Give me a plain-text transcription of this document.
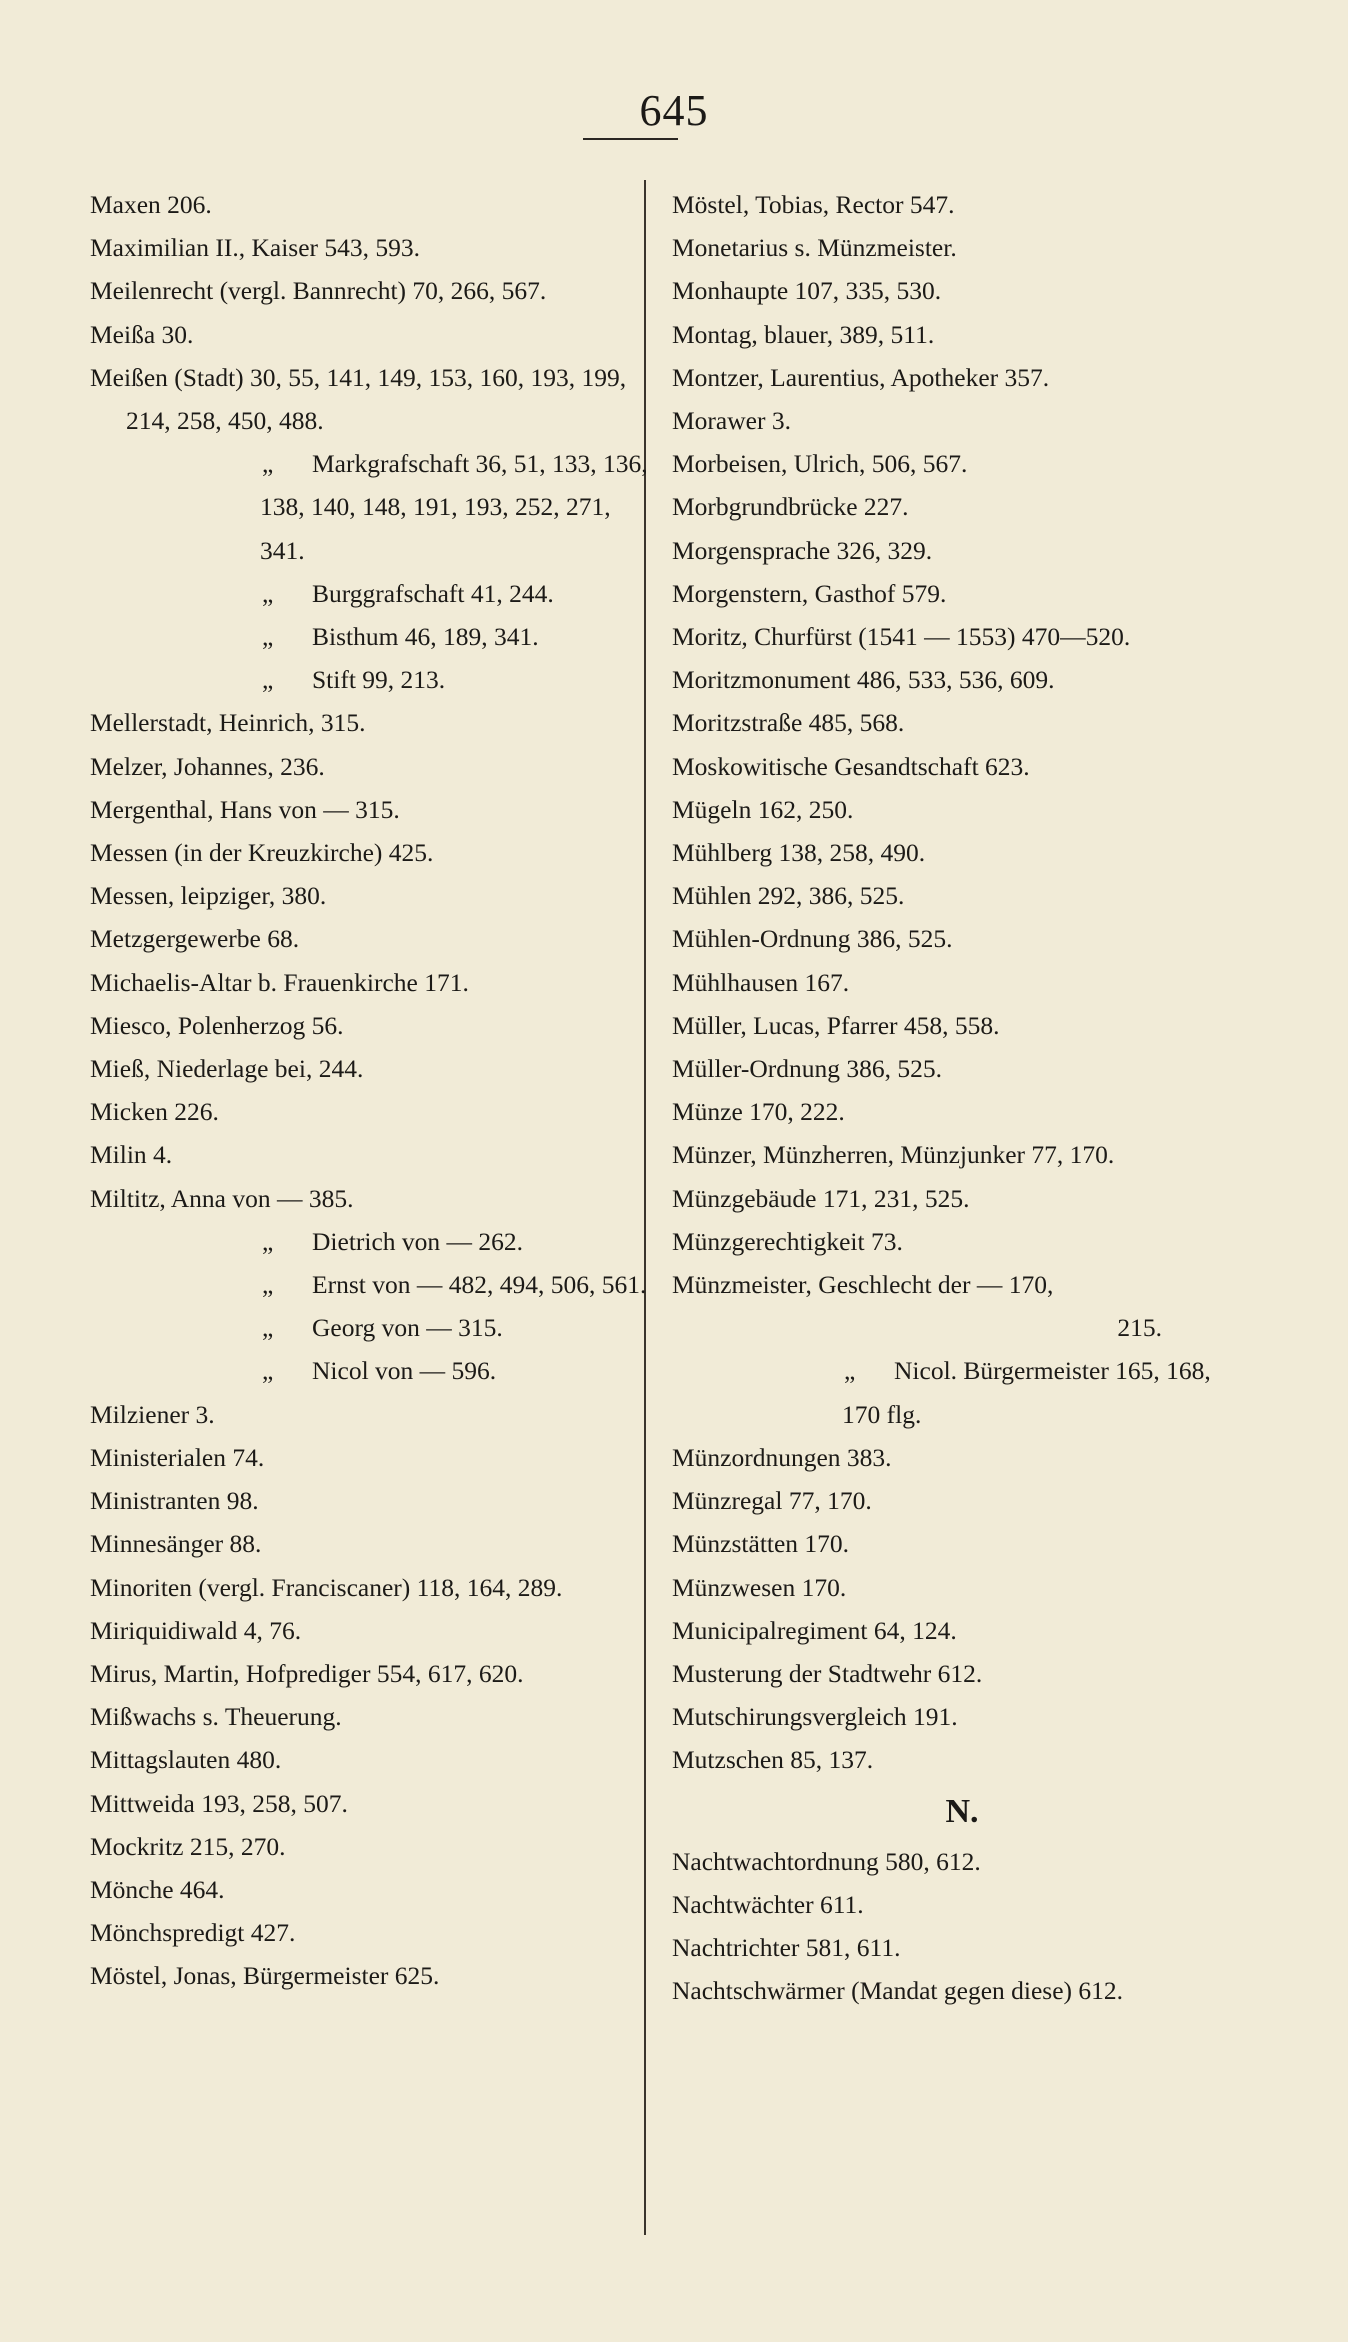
645
Maxen 206.
Maximilian II., Kaiser 543, 593.
Meilenrecht (vergl. Bannrecht) 70, 266, 567.
Meißa 30.
Meißen (Stadt) 30, 55, 141, 149, 153, 160, 193, 199, 214, 258, 450, 488.
„ Markgrafschaft 36, 51, 133, 136, 138, 140, 148, 191, 193, 252, 271, 341.
„ Burggrafschaft 41, 244.
„ Bisthum 46, 189, 341.
„ Stift 99, 213.
Mellerstadt, Heinrich, 315.
Melzer, Johannes, 236.
Mergenthal, Hans von — 315.
Messen (in der Kreuzkirche) 425.
Messen, leipziger, 380.
Metzgergewerbe 68.
Michaelis-Altar b. Frauenkirche 171.
Miesco, Polenherzog 56.
Mieß, Niederlage bei, 244.
Micken 226.
Milin 4.
Miltitz, Anna von — 385.
„ Dietrich von — 262.
„ Ernst von — 482, 494, 506, 561.
„ Georg von — 315.
„ Nicol von — 596.
Milziener 3.
Ministerialen 74.
Ministranten 98.
Minnesänger 88.
Minoriten (vergl. Franciscaner) 118, 164, 289.
Miriquidiwald 4, 76.
Mirus, Martin, Hofprediger 554, 617, 620.
Mißwachs s. Theuerung.
Mittagslauten 480.
Mittweida 193, 258, 507.
Mockritz 215, 270.
Mönche 464.
Mönchspredigt 427.
Möstel, Jonas, Bürgermeister 625.
Möstel, Tobias, Rector 547.
Monetarius s. Münzmeister.
Monhaupte 107, 335, 530.
Montag, blauer, 389, 511.
Montzer, Laurentius, Apotheker 357.
Morawer 3.
Morbeisen, Ulrich, 506, 567.
Morbgrundbrücke 227.
Morgensprache 326, 329.
Morgenstern, Gasthof 579.
Moritz, Churfürst (1541 — 1553) 470—520.
Moritzmonument 486, 533, 536, 609.
Moritzstraße 485, 568.
Moskowitische Gesandtschaft 623.
Mügeln 162, 250.
Mühlberg 138, 258, 490.
Mühlen 292, 386, 525.
Mühlen-Ordnung 386, 525.
Mühlhausen 167.
Müller, Lucas, Pfarrer 458, 558.
Müller-Ordnung 386, 525.
Münze 170, 222.
Münzer, Münzherren, Münzjunker 77, 170.
Münzgebäude 171, 231, 525.
Münzgerechtigkeit 73.
Münzmeister, Geschlecht der — 170,
215.
„ Nicol. Bürgermeister 165, 168, 170 flg.
Münzordnungen 383.
Münzregal 77, 170.
Münzstätten 170.
Münzwesen 170.
Municipalregiment 64, 124.
Musterung der Stadtwehr 612.
Mutschirungsvergleich 191.
Mutzschen 85, 137.
N.
Nachtwachtordnung 580, 612.
Nachtwächter 611.
Nachtrichter 581, 611.
Nachtschwärmer (Mandat gegen diese) 612.
